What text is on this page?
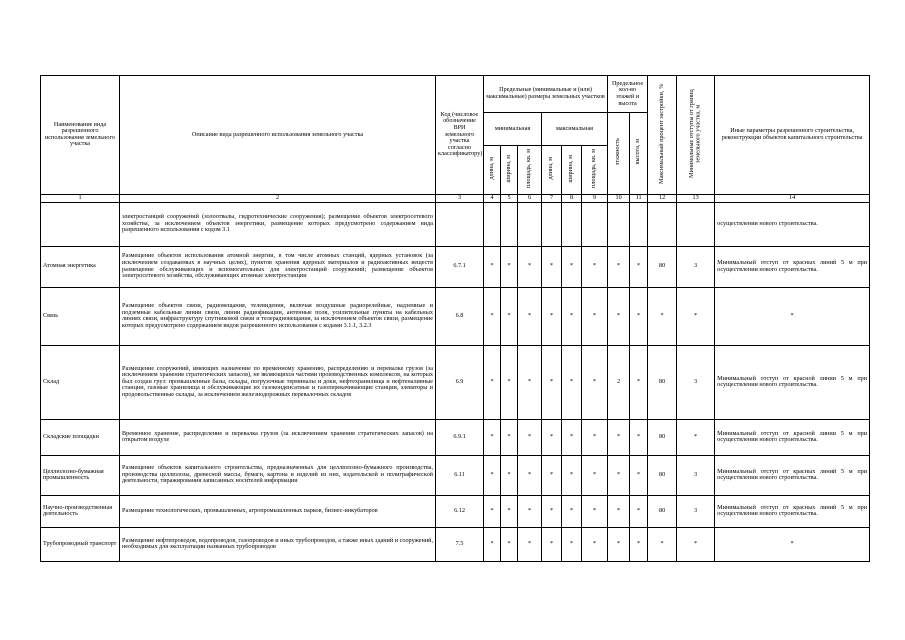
Наименование вида разрешенного использования земельного участка	Описание вида разрешенного использования земельного участка	Код (числовое обозначение ВРИ земельного участка согласно классификатору)	Предельные (минимальные и (или) максимальные) размеры земельных участков						Предельное кол-во этажей и высота		Максимальный процент застройки, %	Минимальные отступы от границ земельного участка, м	Иные параметры разрешенного строительства, реконструкции объектов капитального строительства
			минимальная			максимальная			этажность	высота, м			
			длина, м	ширина, м	площадь, кв. м	длина, м	ширина, м	площадь, кв. м					
1	2	3	4	5	6	7	8	9	10	11	12	13	14
	электростанций сооружений (золоотвалы, гидротехнические сооружения); размещение объектов электросетевого хозяйства, за исключением объектов энергетики, размещение которых предусмотрено содержанием вида разрешенного использования с кодом 3.1												осуществлении нового строительства.
Атомная энергетика	Размещение объектов использования атомной энергии, в том числе атомных станций, ядерных установок (за исключением создаваемых в научных целях), пунктов хранения ядерных материалов и радиоактивных веществ размещение обслуживающих и вспомогательных для электростанций сооружений; размещение объектов электросетевого хозяйства, обслуживающих атомные электростанции	6.7.1	*	*	*	*	*	*	*	*	80	3	Минимальный отступ от красных линий 5 м при осуществлении нового строительства.
Связь	Размещение объектов связи, радиовещания, телевидения, включая воздушные радиорелейные, надземные и подземные кабельные линии связи, линии радиофикации, антенные поля, усилительные пункты на кабельных линиях связи, инфраструктуру спутниковой связи и телерадиовещания, за исключением объектов связи, размещение которых предусмотрено содержанием видов разрешенного использования с кодами 3.1.1, 3.2.3	6.8	*	*	*	*	*	*	*	*	*	*	*
Склад	Размещение сооружений, имеющих назначение по временному хранению, распределению и перевалке грузов (за исключением хранения стратегических запасов), не являющихся частями производственных комплексов, на которых был создан груз: промышленные базы, склады, погрузочные терминалы и доки, нефтехранилища и нефтеналивные станции, газовые хранилища и обслуживающие их газоконденсатные и газоперекачивающие станции, элеваторы и продовольственные склады, за исключением железнодорожных перевалочных складов	6.9	*	*	*	*	*	*	2	*	80	3	Минимальный отступ от красной линии 5 м при осуществлении нового строительства.
Складские площадки	Временное хранение, распределение и перевалка грузов (за исключением хранения стратегических запасов) на открытом воздухе	6.9.1	*	*	*	*	*	*	*	*	80	*	Минимальный отступ от красной линии 5 м при осуществлении нового строительства.
Целлюлозно-бумажная промышленность	Размещение объектов капитального строительства, предназначенных для целлюлозно-бумажного производства, производства целлюлозы, древесной массы, бумаги, картона и изделий из них, издательской и полиграфической деятельности, тиражирования записанных носителей информации	6.11	*	*	*	*	*	*	*	*	80	3	Минимальный отступ от красных линий 5 м при осуществлении нового строительства.
Научно-производственная деятельность	Размещение технологических, промышленных, агропромышленных парков, бизнес-инкубаторов	6.12	*	*	*	*	*	*	*	*	80	3	Минимальный отступ от красных линий 5 м при осуществлении нового строительства.
Трубопроводный транспорт	Размещение нефтепроводов, водопроводов, газопроводов и иных трубопроводов, а также иных зданий и сооружений, необходимых для эксплуатации названных трубопроводов	7.5	*	*	*	*	*	*	*	*	*	*	*
